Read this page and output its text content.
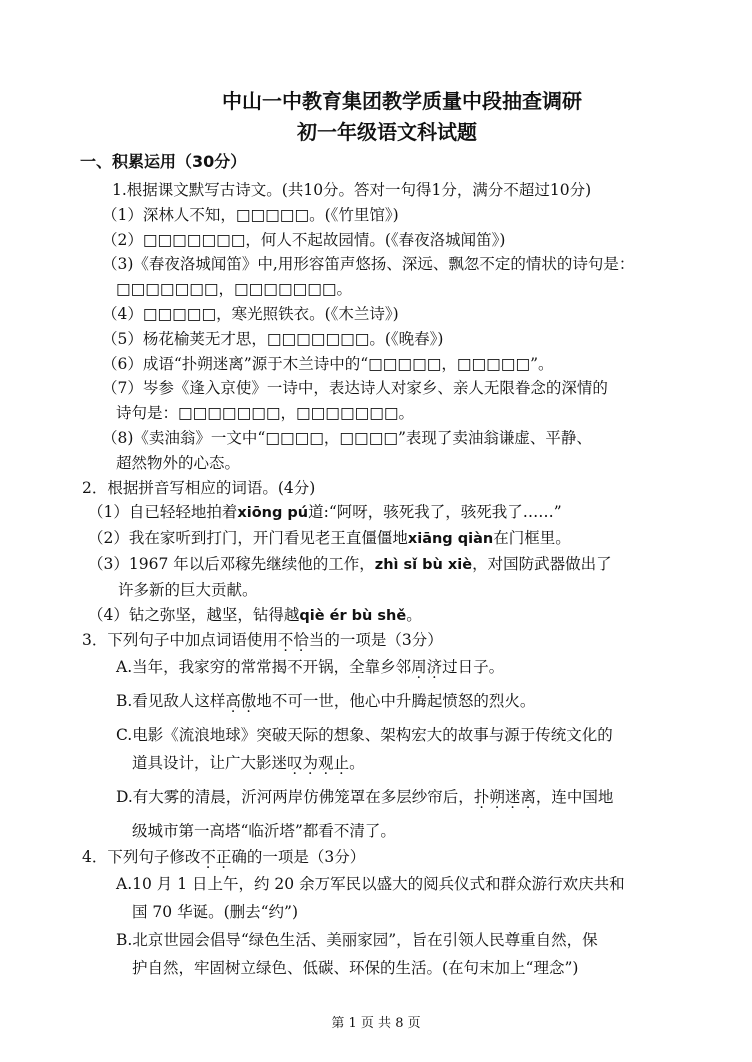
中山一中教育集团教学质量中段抽查调研
初一年级语文科试题
一、积累运用（30分）
1.根据课文默写古诗文。(共10分。答对一句得1分，满分不超过10分)
（1）深林人不知，□□□□□。(《竹里馆》)
（2）□□□□□□□，何人不起故园情。(《春夜洛城闻笛》)
（3)《春夜洛城闻笛》中,用形容笛声悠扬、深远、飘忽不定的情状的诗句是：
□□□□□□□，□□□□□□□。
（4）□□□□□，寒光照铁衣。(《木兰诗》)
（5）杨花榆荚无才思，□□□□□□□。(《晚春》)
（6）成语“扑朔迷离”源于木兰诗中的“□□□□□，□□□□□”。
（7）岑参《逢入京使》一诗中，表达诗人对家乡、亲人无限眷念的深情的
诗句是：□□□□□□□，□□□□□□□。
（8)《卖油翁》一文中“□□□□，□□□□”表现了卖油翁谦虚、平静、
超然物外的心态。
2．根据拼音写相应的词语。(4分)
（1）自已轻轻地拍着xiōng pú道:“阿呀，骇死我了，骇死我了……”
（2）我在家听到打门，开门看见老王直僵僵地xiāng qiàn在门框里。
（3）1967 年以后邓稼先继续他的工作，zhì sǐ bù xiè，对国防武器做出了
许多新的巨大贡献。
（4）钻之弥坚，越坚，钻得越qiè ér bù shě。
3．下列句子中加点词语使用不恰当的一项是（3分）
A.当年，我家穷的常常揭不开锅，全靠乡邻周济过日子。
B.看见敌人这样高傲地不可一世，他心中升腾起愤怒的烈火。
C.电影《流浪地球》突破天际的想象、架构宏大的故事与源于传统文化的
道具设计，让广大影迷叹为观止。
D.有大雾的清晨，沂河两岸仿佛笼罩在多层纱帘后，扑朔迷离，连中国地
级城市第一高塔“临沂塔”都看不清了。
4．下列句子修改不正确的一项是（3分）
A.10 月 1 日上午，约 20 余万军民以盛大的阅兵仪式和群众游行欢庆共和
国 70 华诞。(删去“约”)
B.北京世园会倡导“绿色生活、美丽家园”，旨在引领人民尊重自然，保
护自然，牢固树立绿色、低碳、环保的生活。(在句末加上“理念”)
第 1 页 共 8 页
